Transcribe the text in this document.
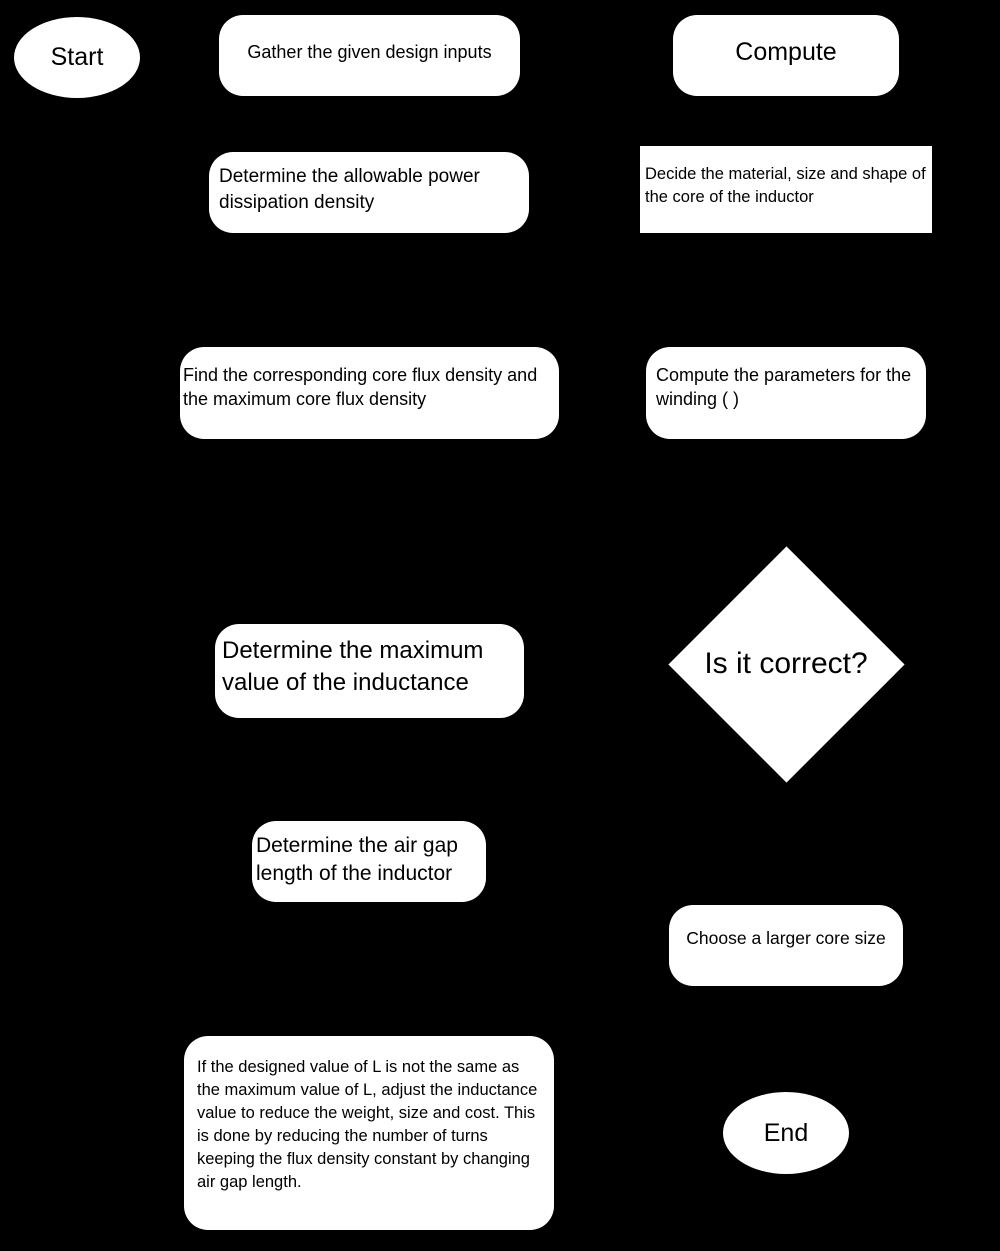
Start	Gather the given design inputs	Compute
Determine the allowable power dissipation density
Decide the material, size and shape of the core of the inductor
Find the corresponding core flux density and the maximum core flux density
Compute the parameters for the winding ( )
Determine the maximum value of the inductance
Is it correct?
Determine the air gap length of the inductor
Choose a larger core size
If the designed value of L is not the same as the maximum value of L, adjust the inductance value to reduce the weight, size and cost. This is done by reducing the number of turns keeping the flux density constant by changing air gap length.
End
